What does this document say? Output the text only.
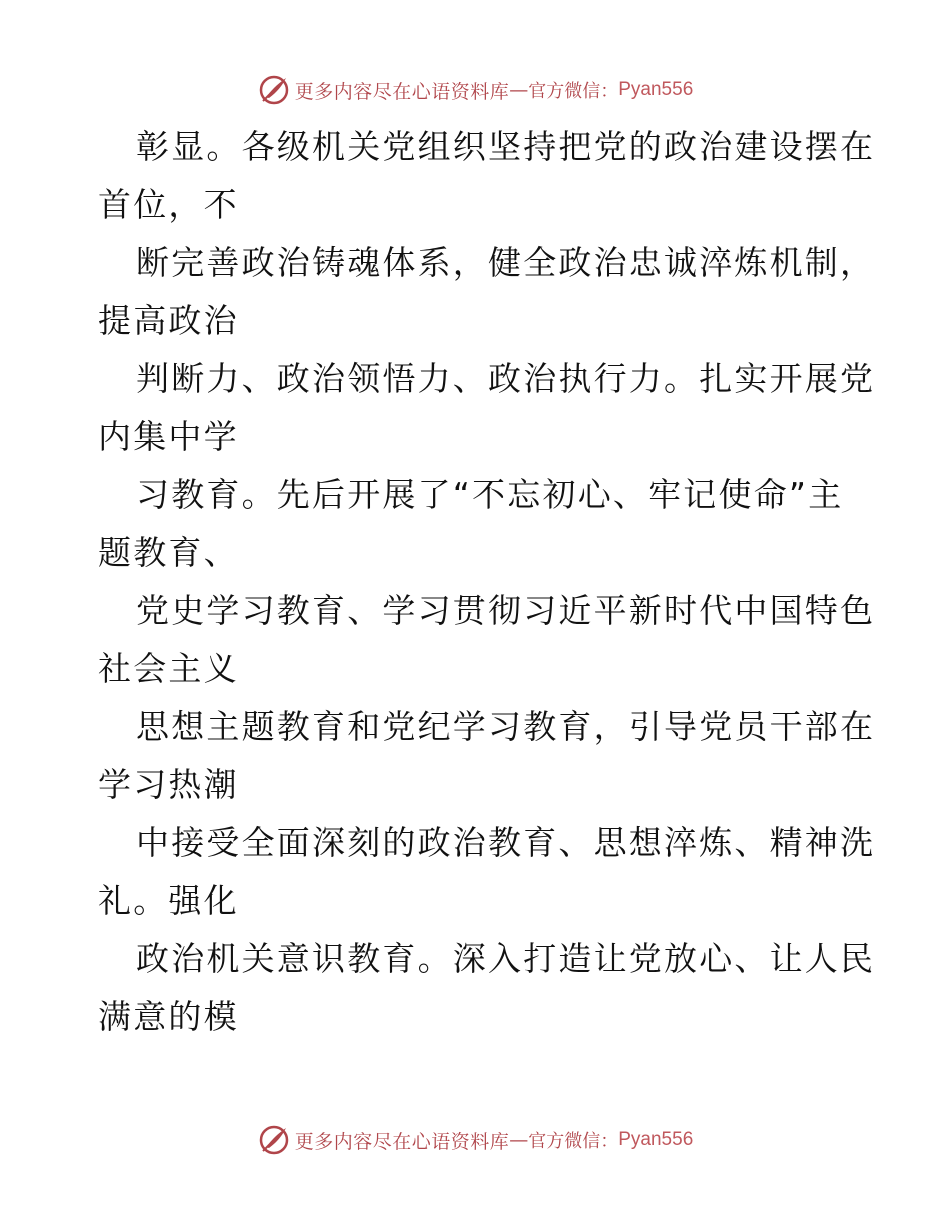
更多内容尽在心语资料库 — 官方微信： Pyan556
彰显。各级机关党组织坚持把党的政治建设摆在
首位，不
断完善政治铸魂体系，健全政治忠诚淬炼机制，
提高政治
判断力、政治领悟力、政治执行力。扎实开展党
内集中学
习教育。先后开展了“不忘初心、牢记使命”主
题教育、
党史学习教育、学习贯彻习近平新时代中国特色
社会主义
思想主题教育和党纪学习教育，引导党员干部在
学习热潮
中接受全面深刻的政治教育、思想淬炼、精神洗
礼。强化
政治机关意识教育。深入打造让党放心、让人民
满意的模
更多内容尽在心语资料库 — 官方微信： Pyan556
